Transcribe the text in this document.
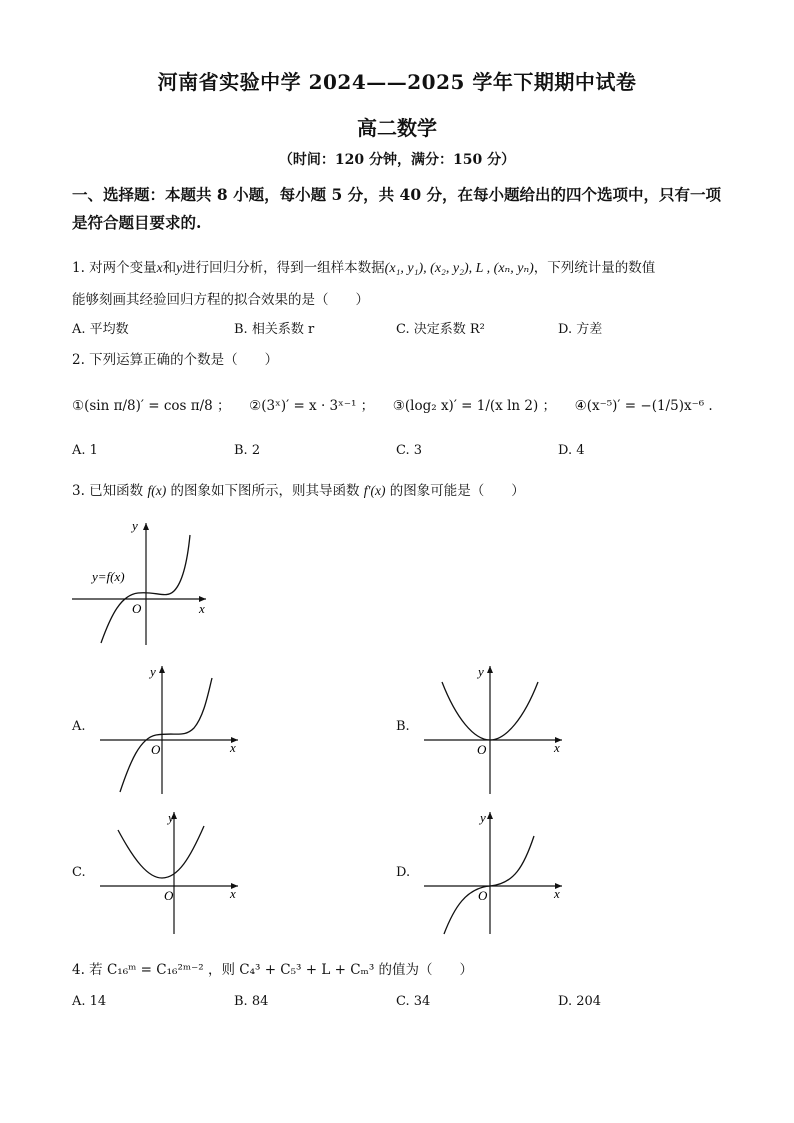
河南省实验中学 2024——2025 学年下期期中试卷
高二数学
（时间：120 分钟，满分：150 分）
一、选择题：本题共 8 小题，每小题 5 分，共 40 分，在每小题给出的四个选项中，只有一项是符合题目要求的.
1. 对两个变量x和y进行回归分析，得到一组样本数据(x₁, y₁), (x₂, y₂), L , (xₙ, yₙ)，下列统计量的数值
能够刻画其经验回归方程的拟合效果的是（　　）
A. 平均数	B. 相关系数 r	C. 决定系数 R²	D. 方差
2. 下列运算正确的个数是（　　）
①(sin π/8)′ = cos π/8 ； ②(3ˣ)′ = x · 3ˣ⁻¹ ； ③(log₂ x)′ = 1/(x ln 2) ； ④(x⁻⁵)′ = −(1/5)x⁻⁶ .
A. 1	B. 2	C. 3	D. 4
3. 已知函数 f(x) 的图象如下图所示，则其导函数 f′(x) 的图象可能是（　　）
y
x
O
y=f(x)
A.
y
x
O
B.
y
x
O
C.
y
x
O
D.
y
x
O
4. 若 C₁₆ᵐ = C₁₆²ᵐ⁻² ，则 C₄³ + C₅³ + L + Cₘ³ 的值为（　　）
A. 14	B. 84	C. 34	D. 204
